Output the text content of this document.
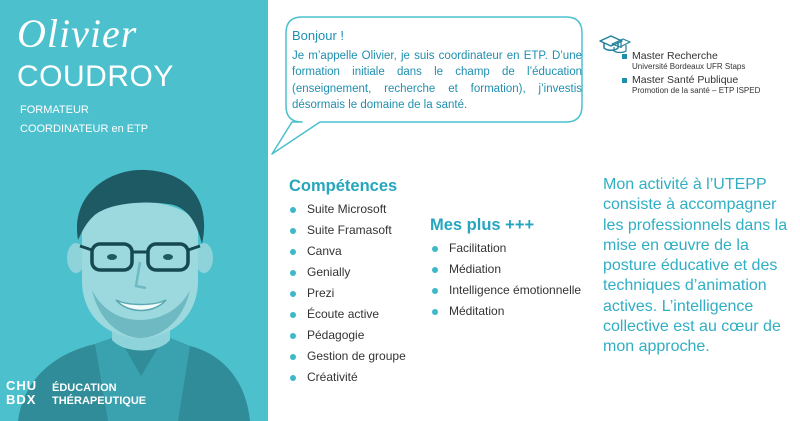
Olivier
COUDROY
FORMATEUR
COORDINATEUR en ETP
CHU
BDX
ÉDUCATION
THÉRAPEUTIQUE
Bonjour !
Je m’appelle Olivier, je suis coordinateur en ETP. D’une formation initiale dans le champ de l’éducation (enseignement, recherche et formation), j’investis désormais le domaine de la santé.
Master Recherche
Université Bordeaux UFR Staps
Master Santé Publique
Promotion de la santé – ETP ISPED
Compétences
Suite Microsoft
Suite Framasoft
Canva
Genially
Prezi
Écoute active
Pédagogie
Gestion de groupe
Créativité
Mes plus +++
Facilitation
Médiation
Intelligence émotionnelle
Méditation
Mon activité à l’UTEPP consiste à accompagner les professionnels dans la mise en œuvre de la posture éducative et des techniques d’animation actives. L’intelligence collective est au cœur de mon approche.
